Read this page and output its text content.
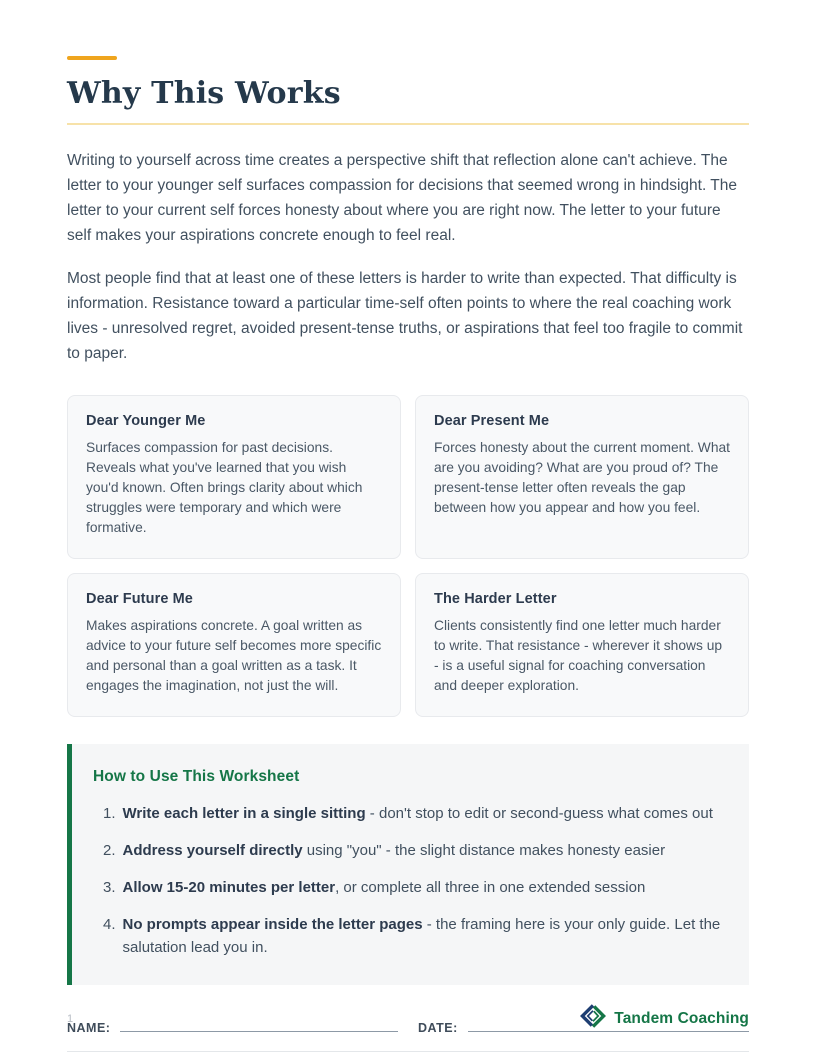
Why This Works

Writing to yourself across time creates a perspective shift that reflection alone can't achieve. The letter to your younger self surfaces compassion for decisions that seemed wrong in hindsight. The letter to your current self forces honesty about where you are right now. The letter to your future self makes your aspirations concrete enough to feel real.

Most people find that at least one of these letters is harder to write than expected. That difficulty is information. Resistance toward a particular time-self often points to where the real coaching work lives - unresolved regret, avoided present-tense truths, or aspirations that feel too fragile to commit to paper.

Dear Younger Me

Surfaces compassion for past decisions. Reveals what you've learned that you wish you'd known. Often brings clarity about which struggles were temporary and which were formative.

Dear Present Me

Forces honesty about the current moment. What are you avoiding? What are you proud of? The present-tense letter often reveals the gap between how you appear and how you feel.

Dear Future Me

Makes aspirations concrete. A goal written as advice to your future self becomes more specific and personal than a goal written as a task. It engages the imagination, not just the will.

The Harder Letter

Clients consistently find one letter much harder to write. That resistance - wherever it shows up - is a useful signal for coaching conversation and deeper exploration.

How to Use This Worksheet
1. Write each letter in a single sitting - don't stop to edit or second-guess what comes out
2. Address yourself directly using "you" - the slight distance makes honesty easier
3. Allow 15-20 minutes per letter, or complete all three in one extended session
4. No prompts appear inside the letter pages - the framing here is your only guide. Let the salutation lead you in.
NAME:	DATE:
1	Tandem Coaching
